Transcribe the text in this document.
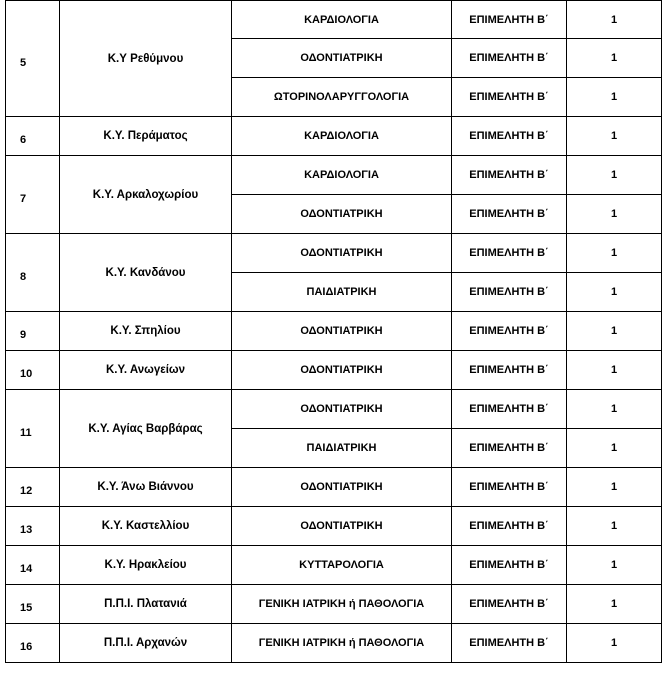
5	Κ.Υ Ρεθύμνου	ΚΑΡΔΙΟΛΟΓΙΑ	ΕΠΙΜΕΛΗΤΗ Β΄	1
		ΟΔΟΝΤΙΑΤΡΙΚΗ	ΕΠΙΜΕΛΗΤΗ Β΄	1
		ΩΤΟΡΙΝΟΛΑΡΥΓΓΟΛΟΓΙΑ	ΕΠΙΜΕΛΗΤΗ Β΄	1
6	Κ.Υ. Περάματος	ΚΑΡΔΙΟΛΟΓΙΑ	ΕΠΙΜΕΛΗΤΗ Β΄	1
7	Κ.Υ. Αρκαλοχωρίου	ΚΑΡΔΙΟΛΟΓΙΑ	ΕΠΙΜΕΛΗΤΗ Β΄	1
		ΟΔΟΝΤΙΑΤΡΙΚΗ	ΕΠΙΜΕΛΗΤΗ Β΄	1
8	Κ.Υ. Κανδάνου	ΟΔΟΝΤΙΑΤΡΙΚΗ	ΕΠΙΜΕΛΗΤΗ Β΄	1
		ΠΑΙΔΙΑΤΡΙΚΗ	ΕΠΙΜΕΛΗΤΗ Β΄	1
9	Κ.Υ. Σπηλίου	ΟΔΟΝΤΙΑΤΡΙΚΗ	ΕΠΙΜΕΛΗΤΗ Β΄	1
10	Κ.Υ. Ανωγείων	ΟΔΟΝΤΙΑΤΡΙΚΗ	ΕΠΙΜΕΛΗΤΗ Β΄	1
11	Κ.Υ. Αγίας Βαρβάρας	ΟΔΟΝΤΙΑΤΡΙΚΗ	ΕΠΙΜΕΛΗΤΗ Β΄	1
		ΠΑΙΔΙΑΤΡΙΚΗ	ΕΠΙΜΕΛΗΤΗ Β΄	1
12	Κ.Υ. Άνω Βιάννου	ΟΔΟΝΤΙΑΤΡΙΚΗ	ΕΠΙΜΕΛΗΤΗ Β΄	1
13	Κ.Υ. Καστελλίου	ΟΔΟΝΤΙΑΤΡΙΚΗ	ΕΠΙΜΕΛΗΤΗ Β΄	1
14	Κ.Υ. Ηρακλείου	ΚΥΤΤΑΡΟΛΟΓΙΑ	ΕΠΙΜΕΛΗΤΗ Β΄	1
15	Π.Π.Ι. Πλατανιά	ΓΕΝΙΚΗ ΙΑΤΡΙΚΗ ή ΠΑΘΟΛΟΓΙΑ	ΕΠΙΜΕΛΗΤΗ Β΄	1
16	Π.Π.Ι. Αρχανών	ΓΕΝΙΚΗ ΙΑΤΡΙΚΗ ή ΠΑΘΟΛΟΓΙΑ	ΕΠΙΜΕΛΗΤΗ Β΄	1
